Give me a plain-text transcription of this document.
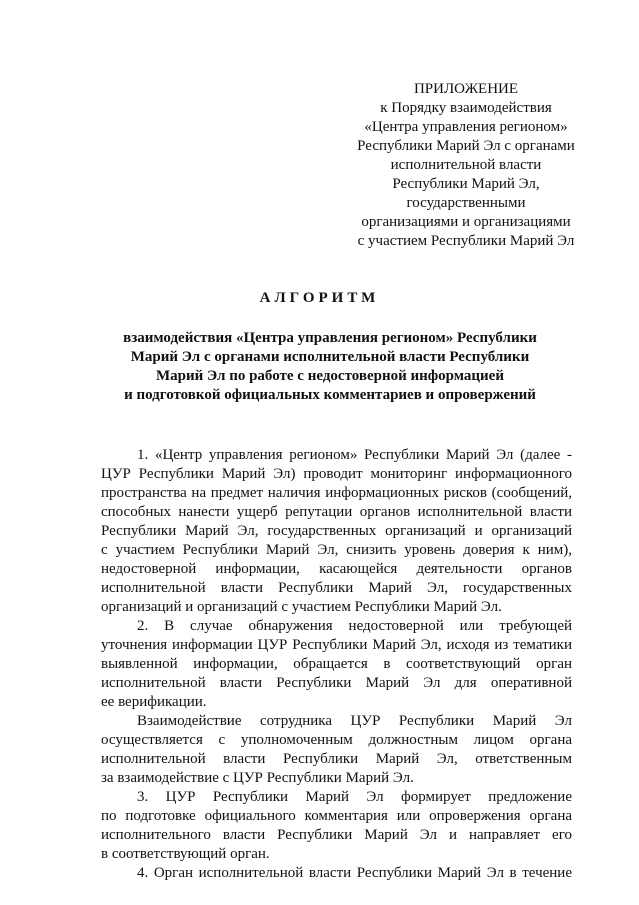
ПРИЛОЖЕНИЕ
к Порядку взаимодействия
«Центра управления регионом»
Республики Марий Эл с органами
исполнительной власти
Республики Марий Эл,
государственными
организациями и организациями
с участием Республики Марий Эл
АЛГОРИТМ
взаимодействия «Центра управления регионом» Республики
Марий Эл с органами исполнительной власти Республики
Марий Эл по работе с недостоверной информацией
и подготовкой официальных комментариев и опровержений
1. «Центр управления регионом» Республики Марий Эл (далее -
ЦУР Республики Марий Эл) проводит мониторинг информационного
пространства на предмет наличия информационных рисков (сообщений,
способных нанести ущерб репутации органов исполнительной власти
Республики Марий Эл, государственных организаций и организаций
с участием Республики Марий Эл, снизить уровень доверия к ним),
недостоверной информации, касающейся деятельности органов
исполнительной власти Республики Марий Эл, государственных
организаций и организаций с участием Республики Марий Эл.
2. В случае обнаружения недостоверной или требующей
уточнения информации ЦУР Республики Марий Эл, исходя из тематики
выявленной информации, обращается в соответствующий орган
исполнительной власти Республики Марий Эл для оперативной
ее верификации.
Взаимодействие сотрудника ЦУР Республики Марий Эл
осуществляется с уполномоченным должностным лицом органа
исполнительной власти Республики Марий Эл, ответственным
за взаимодействие с ЦУР Республики Марий Эл.
3. ЦУР Республики Марий Эл формирует предложение
по подготовке официального комментария или опровержения органа
исполнительного власти Республики Марий Эл и направляет его
в соответствующий орган.
4. Орган исполнительной власти Республики Марий Эл в течение
